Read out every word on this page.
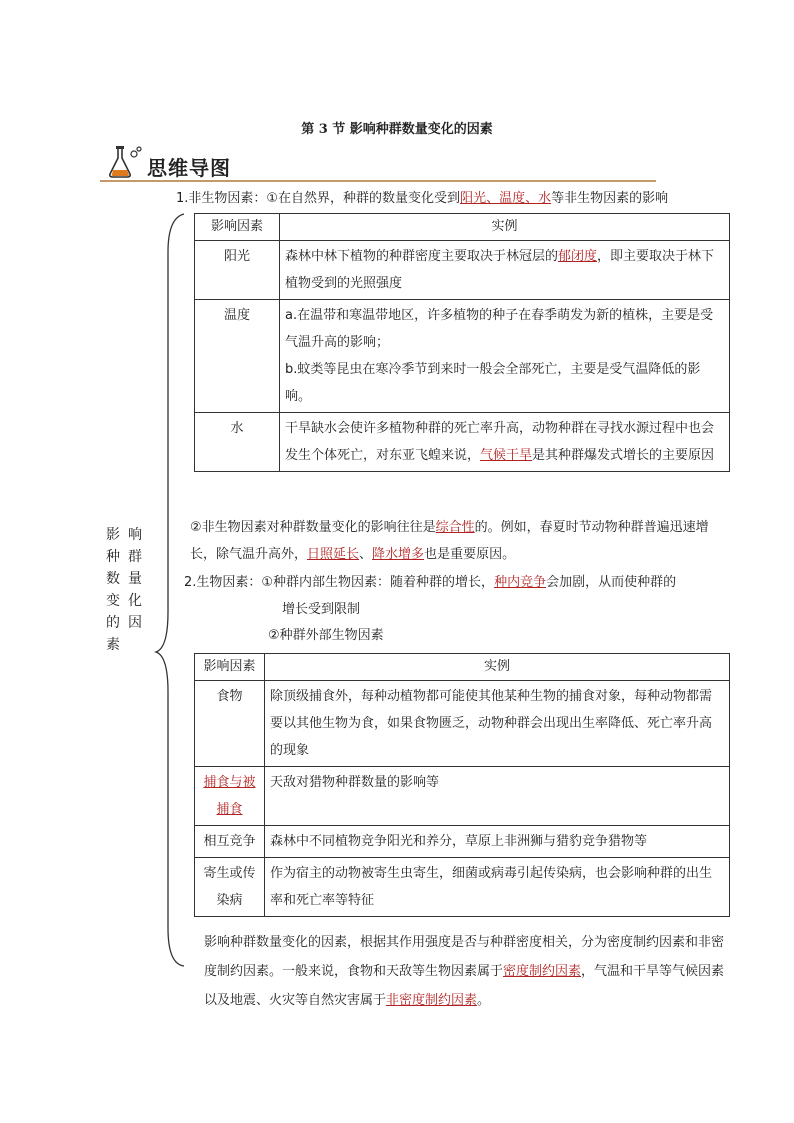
第 3 节 影响种群数量变化的因素
思维导图
影
种
数
变
的
素
响
群
量
化
因
1.非生物因素：①在自然界，种群的数量变化受到阳光、温度、水等非生物因素的影响
影响因素	实例
阳光	森林中林下植物的种群密度主要取决于林冠层的郁闭度，即主要取决于林下植物受到的光照强度
温度	a.在温带和寒温带地区，许多植物的种子在春季萌发为新的植株，主要是受气温升高的影响；
b.蚊类等昆虫在寒冷季节到来时一般会全部死亡，主要是受气温降低的影响。

水	干旱缺水会使许多植物种群的死亡率升高，动物种群在寻找水源过程中也会发生个体死亡，对东亚飞蝗来说，气候干旱是其种群爆发式增长的主要原因
②非生物因素对种群数量变化的影响往往是综合性的。例如，春夏时节动物种群普遍迅速增长，除气温升高外，日照延长、降水增多也是重要原因。
2.生物因素：①种群内部生物因素：随着种群的增长，种内竞争会加剧，从而使种群的
增长受到限制
②种群外部生物因素
影响因素	实例
食物	除顶级捕食外，每种动植物都可能使其他某种生物的捕食对象，每种动物都需要以其他生物为食，如果食物匮乏，动物种群会出现出生率降低、死亡率升高的现象
捕食与被捕食	天敌对猎物种群数量的影响等
相互竞争	森林中不同植物竞争阳光和养分，草原上非洲狮与猎豹竞争猎物等
寄生或传染病	作为宿主的动物被寄生虫寄生，细菌或病毒引起传染病，也会影响种群的出生率和死亡率等特征
影响种群数量变化的因素，根据其作用强度是否与种群密度相关，分为密度制约因素和非密度制约因素。一般来说，食物和天敌等生物因素属于密度制约因素，气温和干旱等气候因素以及地震、火灾等自然灾害属于非密度制约因素。
